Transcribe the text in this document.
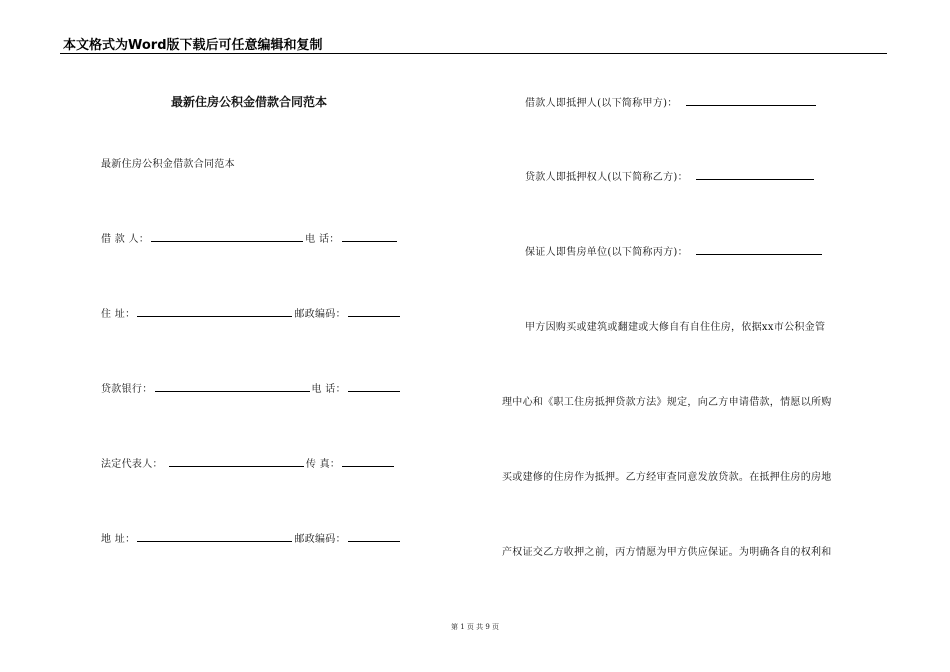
本文格式为Word版下载后可任意编辑和复制
最新住房公积金借款合同范本
最新住房公积金借款合同范本
借 款 人：	电 话：
住 址：	邮政编码：
贷款银行：	电 话：
法定代表人：	传 真：
地 址：	邮政编码：
借款人即抵押人(以下简称甲方)：
贷款人即抵押权人(以下简称乙方)：
保证人即售房单位(以下简称丙方)：
甲方因购买或建筑或翻建或大修自有自住住房，依据xx市公积金管
理中心和《职工住房抵押贷款方法》规定，向乙方申请借款，情愿以所购
买或建修的住房作为抵押。乙方经审查同意发放贷款。在抵押住房的房地
产权证交乙方收押之前，丙方情愿为甲方供应保证。为明确各自的权利和
第 1 页 共 9 页
